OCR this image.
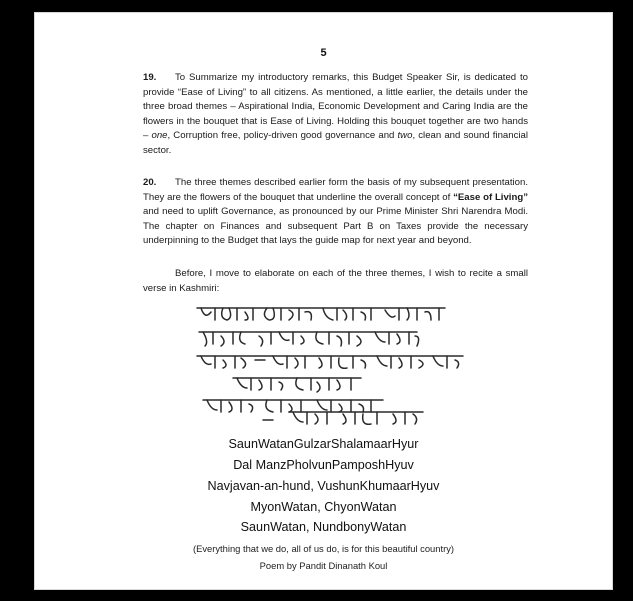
5

19. To Summarize my introductory remarks, this Budget Speaker Sir, is dedicated to provide “Ease of Living” to all citizens. As mentioned, a little earlier, the details under the three broad themes – Aspirational India, Economic Development and Caring India are the flowers in the bouquet that is Ease of Living. Holding this bouquet together are two hands – one, Corruption free, policy-driven good governance and two, clean and sound financial sector.

20. The three themes described earlier form the basis of my subsequent presentation. They are the flowers of the bouquet that underline the overall concept of “Ease of Living” and need to uplift Governance, as pronounced by our Prime Minister Shri Narendra Modi. The chapter on Finances and subsequent Part B on Taxes provide the necessary underpinning to the Budget that lays the guide map for next year and beyond.

Before, I move to elaborate on each of the three themes, I wish to recite a small verse in Kashmiri:

SaunWatanGulzarShalamaarHyur
Dal ManzPholvunPamposhHyuv
Navjavan-an-hund, VushunKhumaarHyuv
MyonWatan, ChyonWatan
SaunWatan, NundbonyWatan
(Everything that we do, all of us do, is for this beautiful country)
Poem by Pandit Dinanath Koul
